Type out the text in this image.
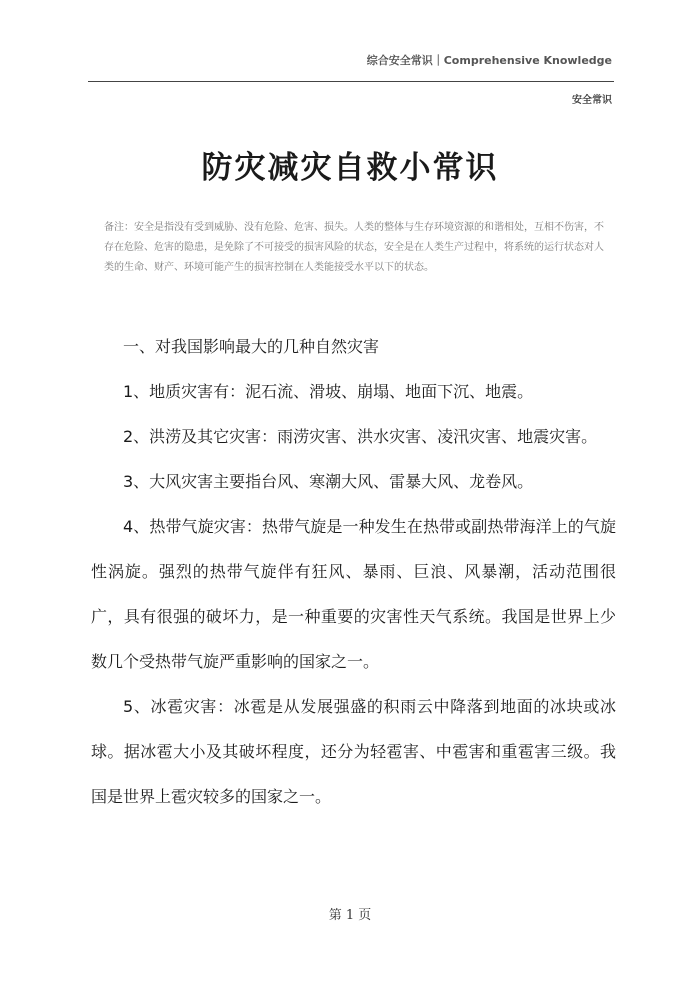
综合安全常识｜Comprehensive Knowledge
安全常识
防灾减灾自救小常识
备注：安全是指没有受到威胁、没有危险、危害、损失。人类的整体与生存环境资源的和谐相处，互相不伤害，不存在危险、危害的隐患，是免除了不可接受的损害风险的状态，安全是在人类生产过程中，将系统的运行状态对人类的生命、财产、环境可能产生的损害控制在人类能接受水平以下的状态。

一、对我国影响最大的几种自然灾害

1、地质灾害有：泥石流、滑坡、崩塌、地面下沉、地震。

2、洪涝及其它灾害：雨涝灾害、洪水灾害、凌汛灾害、地震灾害。

3、大风灾害主要指台风、寒潮大风、雷暴大风、龙卷风。

4、热带气旋灾害：热带气旋是一种发生在热带或副热带海洋上的气旋性涡旋。强烈的热带气旋伴有狂风、暴雨、巨浪、风暴潮，活动范围很广，具有很强的破坏力，是一种重要的灾害性天气系统。我国是世界上少数几个受热带气旋严重影响的国家之一。

5、冰雹灾害：冰雹是从发展强盛的积雨云中降落到地面的冰块或冰球。据冰雹大小及其破坏程度，还分为轻雹害、中雹害和重雹害三级。我国是世界上雹灾较多的国家之一。

第 1 页
